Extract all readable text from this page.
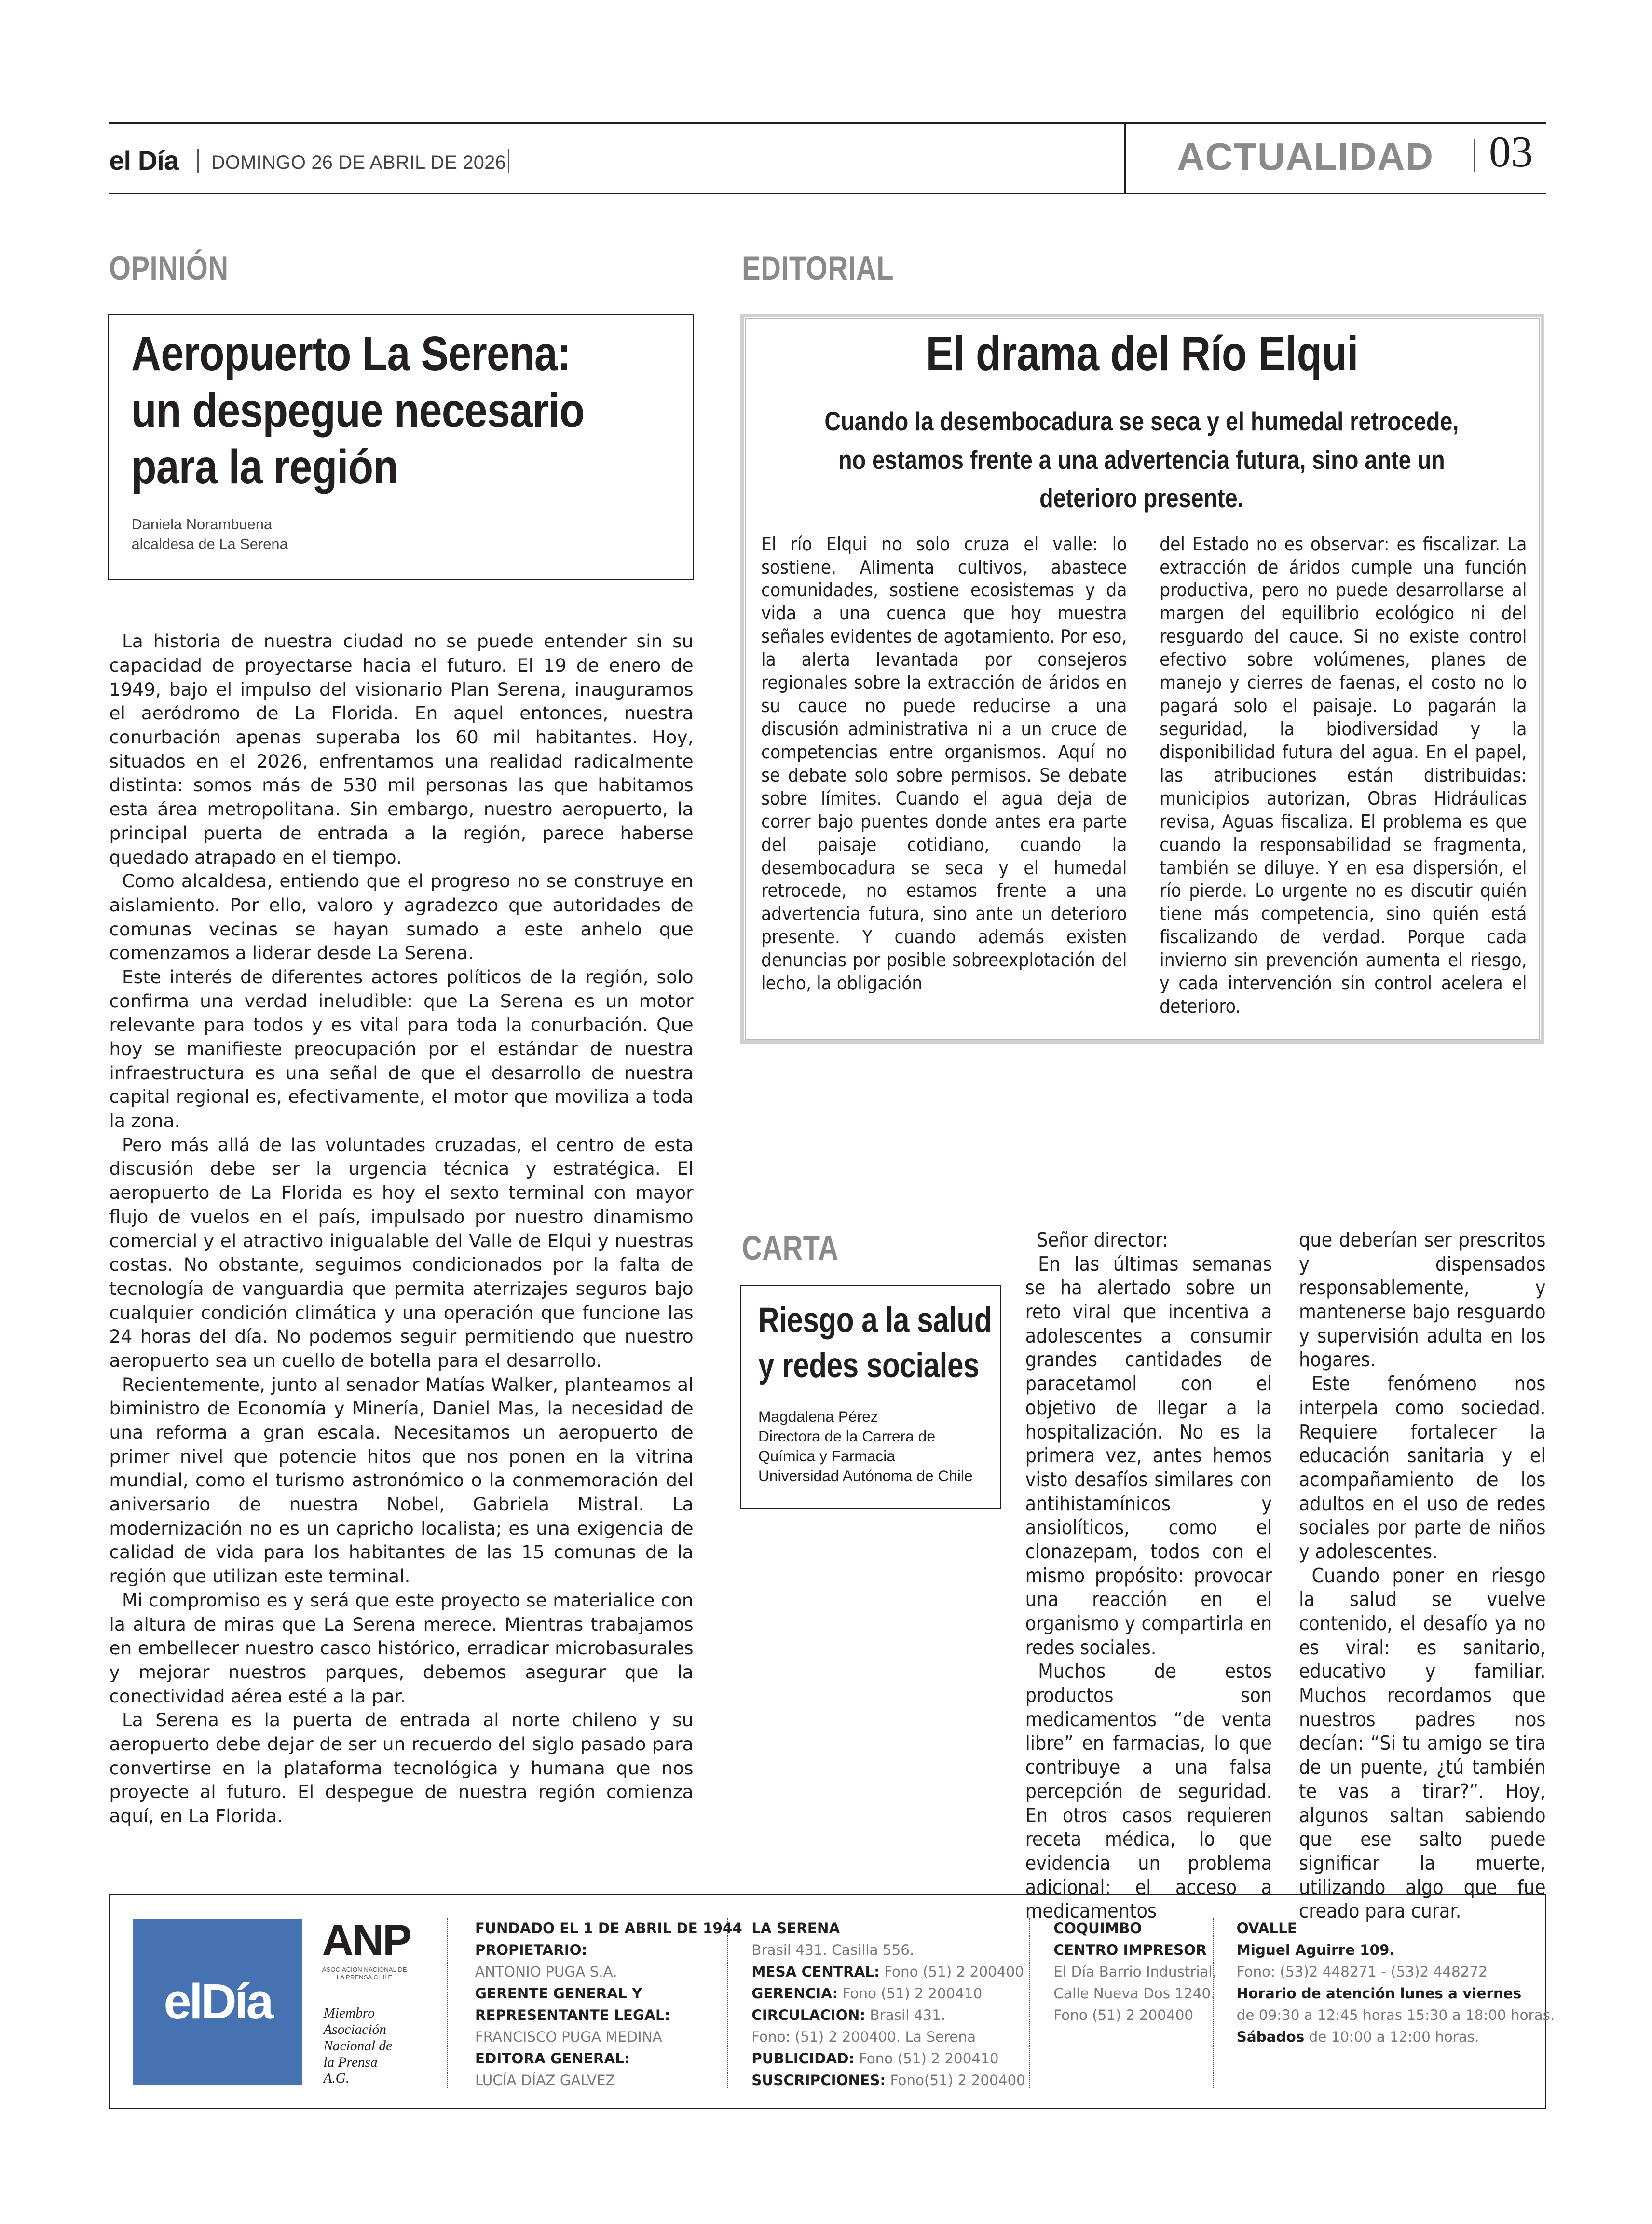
el Día	DOMINGO 26 DE ABRIL DE 2026	ACTUALIDAD	03
OPINIÓN
Aeropuerto La Serena:
un despegue necesario
para la región
Daniela Norambuena
alcaldesa de La Serena

La historia de nuestra ciudad no se puede entender sin su capacidad de proyectarse hacia el futuro. El 19 de enero de 1949, bajo el impulso del visionario Plan Serena, inauguramos el aeródromo de La Florida. En aquel entonces, nuestra conurbación apenas superaba los 60 mil habitantes. Hoy, situados en el 2026, enfrentamos una realidad radicalmente distinta: somos más de 530 mil personas las que habitamos esta área metropolitana. Sin embargo, nuestro aeropuerto, la principal puerta de entrada a la región, parece haberse quedado atrapado en el tiempo.

Como alcaldesa, entiendo que el progreso no se construye en aislamiento. Por ello, valoro y agradezco que autoridades de comunas vecinas se hayan sumado a este anhelo que comenzamos a liderar desde La Serena.

Este interés de diferentes actores políticos de la región, solo confirma una verdad ineludible: que La Serena es un motor relevante para todos y es vital para toda la conurbación. Que hoy se manifieste preocupación por el estándar de nuestra infraestructura es una señal de que el desarrollo de nuestra capital regional es, efectivamente, el motor que moviliza a toda la zona.

Pero más allá de las voluntades cruzadas, el centro de esta discusión debe ser la urgencia técnica y estratégica. El aeropuerto de La Florida es hoy el sexto terminal con mayor flujo de vuelos en el país, impulsado por nuestro dinamismo comercial y el atractivo inigualable del Valle de Elqui y nuestras costas. No obstante, seguimos condicionados por la falta de tecnología de vanguardia que permita aterrizajes seguros bajo cualquier condición climática y una operación que funcione las 24 horas del día. No podemos seguir permitiendo que nuestro aeropuerto sea un cuello de botella para el desarrollo.

Recientemente, junto al senador Matías Walker, planteamos al biministro de Economía y Minería, Daniel Mas, la necesidad de una reforma a gran escala. Necesitamos un aeropuerto de primer nivel que potencie hitos que nos ponen en la vitrina mundial, como el turismo astronómico o la conmemoración del aniversario de nuestra Nobel, Gabriela Mistral. La modernización no es un capricho localista; es una exigencia de calidad de vida para los habitantes de las 15 comunas de la región que utilizan este terminal.

Mi compromiso es y será que este proyecto se materialice con la altura de miras que La Serena merece. Mientras trabajamos en embellecer nuestro casco histórico, erradicar microbasurales y mejorar nuestros parques, debemos asegurar que la conectividad aérea esté a la par.

La Serena es la puerta de entrada al norte chileno y su aeropuerto debe dejar de ser un recuerdo del siglo pasado para convertirse en la plataforma tecnológica y humana que nos proyecte al futuro. El despegue de nuestra región comienza aquí, en La Florida.

EDITORIAL
El drama del Río Elqui
Cuando la desembocadura se seca y el humedal retrocede, no estamos frente a una advertencia futura, sino ante un deterioro presente.
El río Elqui no solo cruza el valle: lo sostiene. Alimenta cultivos, abastece comunidades, sostiene ecosistemas y da vida a una cuenca que hoy muestra señales evidentes de agotamiento. Por eso, la alerta levantada por consejeros regionales sobre la extracción de áridos en su cauce no puede reducirse a una discusión administrativa ni a un cruce de competencias entre organismos. Aquí no se debate solo sobre permisos. Se debate sobre límites. Cuando el agua deja de correr bajo puentes donde antes era parte del paisaje cotidiano, cuando la desembocadura se seca y el humedal retrocede, no estamos frente a una advertencia futura, sino ante un deterioro presente. Y cuando además existen denuncias por posible sobreexplotación del lecho, la obligación
del Estado no es observar: es fiscalizar. La extracción de áridos cumple una función productiva, pero no puede desarrollarse al margen del equilibrio ecológico ni del resguardo del cauce. Si no existe control efectivo sobre volúmenes, planes de manejo y cierres de faenas, el costo no lo pagará solo el paisaje. Lo pagarán la seguridad, la biodiversidad y la disponibilidad futura del agua. En el papel, las atribuciones están distribuidas: municipios autorizan, Obras Hidráulicas revisa, Aguas fiscaliza. El problema es que cuando la responsabilidad se fragmenta, también se diluye. Y en esa dispersión, el río pierde. Lo urgente no es discutir quién tiene más competencia, sino quién está fiscalizando de verdad. Porque cada invierno sin prevención aumenta el riesgo, y cada intervención sin control acelera el deterioro.
CARTA
Riesgo a la salud
y redes sociales
Magdalena Pérez
Directora de la Carrera de
Química y Farmacia
Universidad Autónoma de Chile

Señor director:

En las últimas semanas se ha alertado sobre un reto viral que incentiva a adolescentes a consumir grandes cantidades de paracetamol con el objetivo de llegar a la hospitalización. No es la primera vez, antes hemos visto desafíos similares con antihistamínicos y ansiolíticos, como el clonazepam, todos con el mismo propósito: provocar una reacción en el organismo y compartirla en redes sociales.

Muchos de estos productos son medicamentos “de venta libre” en farmacias, lo que contribuye a una falsa percepción de seguridad. En otros casos requieren receta médica, lo que evidencia un problema adicional: el acceso a medicamentos

que deberían ser prescritos y dispensados responsablemente, y mantenerse bajo resguardo y supervisión adulta en los hogares.

Este fenómeno nos interpela como sociedad. Requiere fortalecer la educación sanitaria y el acompañamiento de los adultos en el uso de redes sociales por parte de niños y adolescentes.

Cuando poner en riesgo la salud se vuelve contenido, el desafío ya no es viral: es sanitario, educativo y familiar. Muchos recordamos que nuestros padres nos decían: “Si tu amigo se tira de un puente, ¿tú también te vas a tirar?”. Hoy, algunos saltan sabiendo que ese salto puede significar la muerte, utilizando algo que fue creado para curar.

elDía
ANP
ASOCIACIÓN NACIONAL DE LA PRENSA CHILE
Miembro
Asociación
Nacional de
la Prensa
A.G.
FUNDADO EL 1 DE ABRIL DE 1944
PROPIETARIO:
ANTONIO PUGA S.A.
GERENTE GENERAL Y
REPRESENTANTE LEGAL:
FRANCISCO PUGA MEDINA
EDITORA GENERAL:
LUCÍA DÍAZ GALVEZ
LA SERENA
Brasil 431. Casilla 556.
MESA CENTRAL: Fono (51) 2 200400
GERENCIA: Fono (51) 2 200410
CIRCULACION: Brasil 431.
Fono: (51) 2 200400. La Serena
PUBLICIDAD: Fono (51) 2 200410
SUSCRIPCIONES: Fono(51) 2 200400
COQUIMBO
CENTRO IMPRESOR
El Día Barrio Industrial,
Calle Nueva Dos 1240.
Fono (51) 2 200400
OVALLE
Miguel Aguirre 109.
Fono: (53)2 448271 - (53)2 448272
Horario de atención lunes a viernes
de 09:30 a 12:45 horas 15:30 a 18:00 horas.
Sábados de 10:00 a 12:00 horas.
